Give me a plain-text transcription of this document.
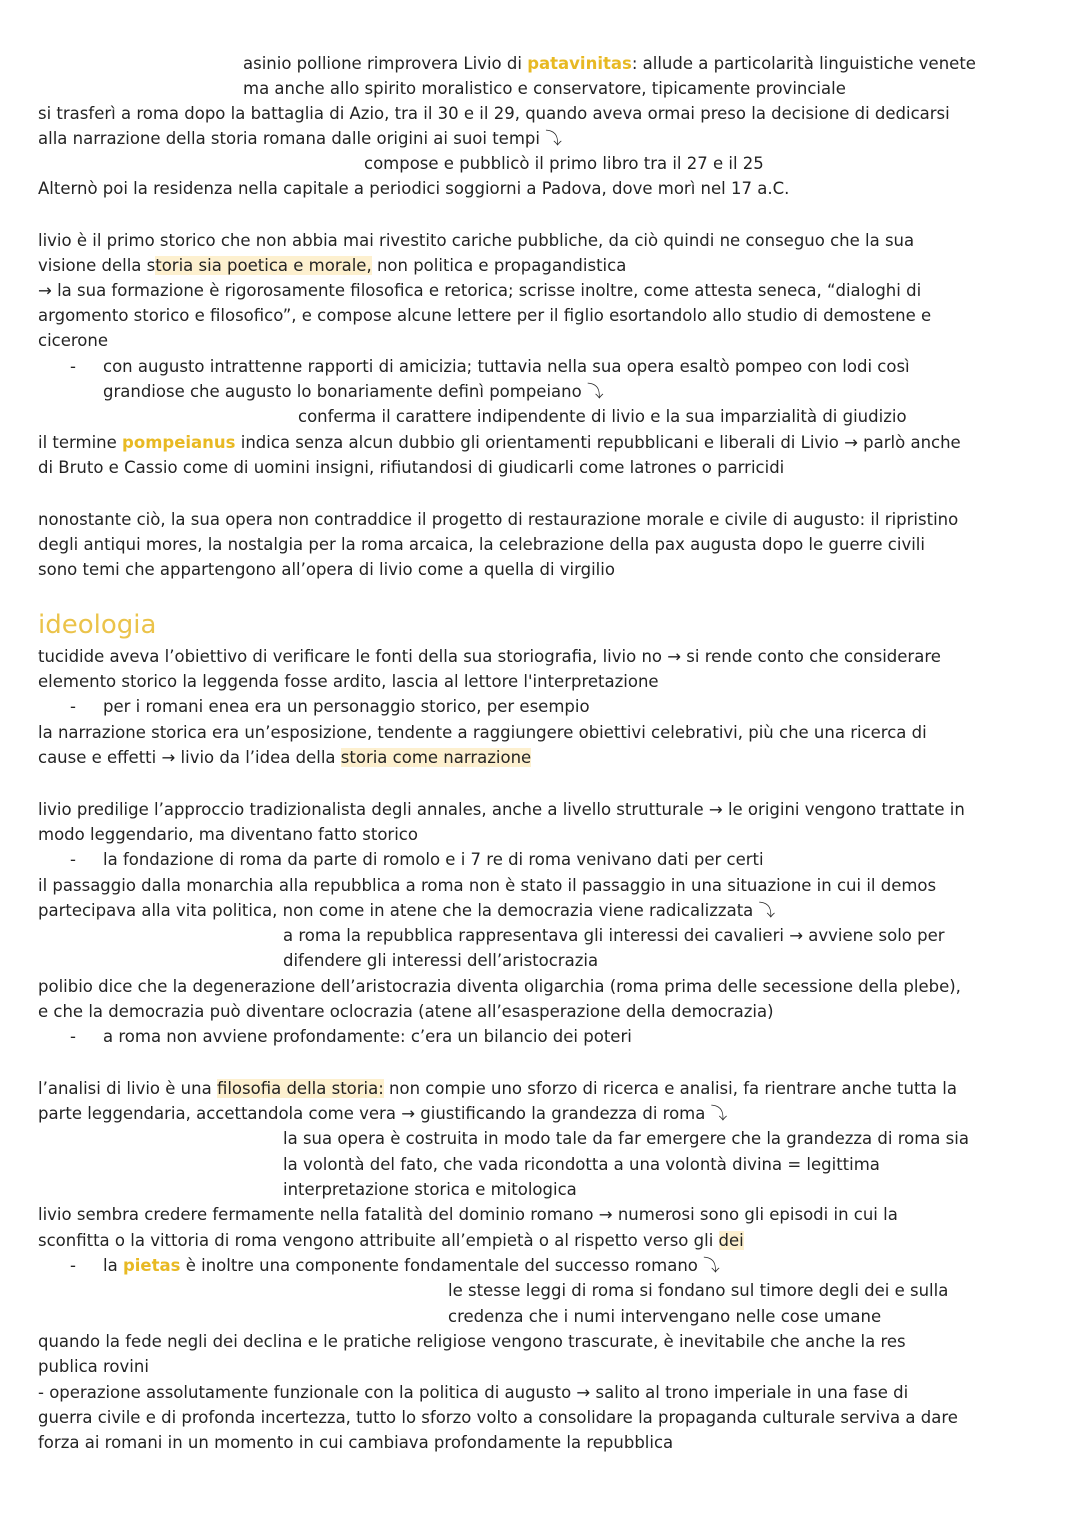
ideologia
asinio pollione rimprovera Livio di patavinitas: allude a particolarità linguistiche venete
ma anche allo spirito moralistico e conservatore, tipicamente provinciale
si trasferì a roma dopo la battaglia di Azio, tra il 30 e il 29, quando aveva ormai preso la decisione di dedicarsi
alla narrazione della storia romana dalle origini ai suoi tempi ⤵
compose e pubblicò il primo libro tra il 27 e il 25
Alternò poi la residenza nella capitale a periodici soggiorni a Padova, dove morì nel 17 a.C.
livio è il primo storico che non abbia mai rivestito cariche pubbliche, da ciò quindi ne conseguo che la sua
visione della storia sia poetica e morale, non politica e propagandistica
→ la sua formazione è rigorosamente filosofica e retorica; scrisse inoltre, come attesta seneca, “dialoghi di
argomento storico e filosofico”, e compose alcune lettere per il figlio esortandolo allo studio di demostene e
cicerone
- con augusto intrattenne rapporti di amicizia; tuttavia nella sua opera esaltò pompeo con lodi così
grandiose che augusto lo bonariamente definì pompeiano ⤵
conferma il carattere indipendente di livio e la sua imparzialità di giudizio
il termine pompeianus indica senza alcun dubbio gli orientamenti repubblicani e liberali di Livio → parlò anche
di Bruto e Cassio come di uomini insigni, rifiutandosi di giudicarli come latrones o parricidi
nonostante ciò, la sua opera non contraddice il progetto di restaurazione morale e civile di augusto: il ripristino
degli antiqui mores, la nostalgia per la roma arcaica, la celebrazione della pax augusta dopo le guerre civili
sono temi che appartengono all’opera di livio come a quella di virgilio
tucidide aveva l’obiettivo di verificare le fonti della sua storiografia, livio no → si rende conto che considerare
elemento storico la leggenda fosse ardito, lascia al lettore l'interpretazione
- per i romani enea era un personaggio storico, per esempio
la narrazione storica era un’esposizione, tendente a raggiungere obiettivi celebrativi, più che una ricerca di
cause e effetti → livio da l’idea della storia come narrazione
livio predilige l’approccio tradizionalista degli annales, anche a livello strutturale → le origini vengono trattate in
modo leggendario, ma diventano fatto storico
- la fondazione di roma da parte di romolo e i 7 re di roma venivano dati per certi
il passaggio dalla monarchia alla repubblica a roma non è stato il passaggio in una situazione in cui il demos
partecipava alla vita politica, non come in atene che la democrazia viene radicalizzata ⤵
a roma la repubblica rappresentava gli interessi dei cavalieri → avviene solo per
difendere gli interessi dell’aristocrazia
polibio dice che la degenerazione dell’aristocrazia diventa oligarchia (roma prima delle secessione della plebe),
e che la democrazia può diventare oclocrazia (atene all’esasperazione della democrazia)
- a roma non avviene profondamente: c’era un bilancio dei poteri
l’analisi di livio è una filosofia della storia: non compie uno sforzo di ricerca e analisi, fa rientrare anche tutta la
parte leggendaria, accettandola come vera → giustificando la grandezza di roma ⤵
la sua opera è costruita in modo tale da far emergere che la grandezza di roma sia
la volontà del fato, che vada ricondotta a una volontà divina = legittima
interpretazione storica e mitologica
livio sembra credere fermamente nella fatalità del dominio romano → numerosi sono gli episodi in cui la
sconfitta o la vittoria di roma vengono attribuite all’empietà o al rispetto verso gli dei
- la pietas è inoltre una componente fondamentale del successo romano ⤵
le stesse leggi di roma si fondano sul timore degli dei e sulla
credenza che i numi intervengano nelle cose umane
quando la fede negli dei declina e le pratiche religiose vengono trascurate, è inevitabile che anche la res
publica rovini
- operazione assolutamente funzionale con la politica di augusto → salito al trono imperiale in una fase di
guerra civile e di profonda incertezza, tutto lo sforzo volto a consolidare la propaganda culturale serviva a dare
forza ai romani in un momento in cui cambiava profondamente la repubblica
